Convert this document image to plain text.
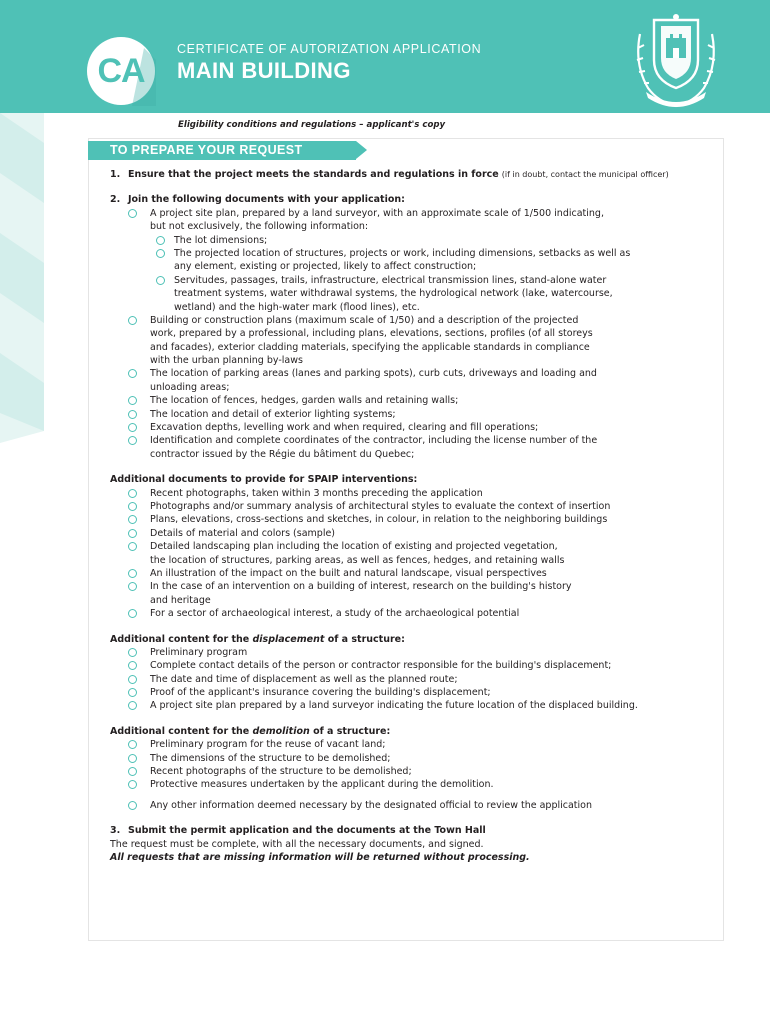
CA
CERTIFICATE OF AUTORIZATION APPLICATION
MAIN BUILDING
Eligibility conditions and regulations – applicant's copy
TO PREPARE YOUR REQUEST
1. Ensure that the project meets the standards and regulations in force (if in doubt, contact the municipal officer)
2. Join the following documents with your application:
A project site plan, prepared by a land surveyor, with an approximate scale of 1/500 indicating,
but not exclusively, the following information:
The lot dimensions;
The projected location of structures, projects or work, including dimensions, setbacks as well as
any element, existing or projected, likely to affect construction;
Servitudes, passages, trails, infrastructure, electrical transmission lines, stand-alone water
treatment systems, water withdrawal systems, the hydrological network (lake, watercourse,
wetland) and the high-water mark (flood lines), etc.
Building or construction plans (maximum scale of 1/50) and a description of the projected
work, prepared by a professional, including plans, elevations, sections, profiles (of all storeys
and facades), exterior cladding materials, specifying the applicable standards in compliance
with the urban planning by-laws
The location of parking areas (lanes and parking spots), curb cuts, driveways and loading and
unloading areas;
The location of fences, hedges, garden walls and retaining walls;
The location and detail of exterior lighting systems;
Excavation depths, levelling work and when required, clearing and fill operations;
Identification and complete coordinates of the contractor, including the license number of the
contractor issued by the Régie du bâtiment du Quebec;
Additional documents to provide for SPAIP interventions:
Recent photographs, taken within 3 months preceding the application
Photographs and/or summary analysis of architectural styles to evaluate the context of insertion
Plans, elevations, cross-sections and sketches, in colour, in relation to the neighboring buildings
Details of material and colors (sample)
Detailed landscaping plan including the location of existing and projected vegetation,
the location of structures, parking areas, as well as fences, hedges, and retaining walls
An illustration of the impact on the built and natural landscape, visual perspectives
In the case of an intervention on a building of interest, research on the building's history
and heritage
For a sector of archaeological interest, a study of the archaeological potential
Additional content for the displacement of a structure:
Preliminary program
Complete contact details of the person or contractor responsible for the building's displacement;
The date and time of displacement as well as the planned route;
Proof of the applicant's insurance covering the building's displacement;
A project site plan prepared by a land surveyor indicating the future location of the displaced building.
Additional content for the demolition of a structure:
Preliminary program for the reuse of vacant land;
The dimensions of the structure to be demolished;
Recent photographs of the structure to be demolished;
Protective measures undertaken by the applicant during the demolition.
Any other information deemed necessary by the designated official to review the application
3. Submit the permit application and the documents at the Town Hall
The request must be complete, with all the necessary documents, and signed.
All requests that are missing information will be returned without processing.
